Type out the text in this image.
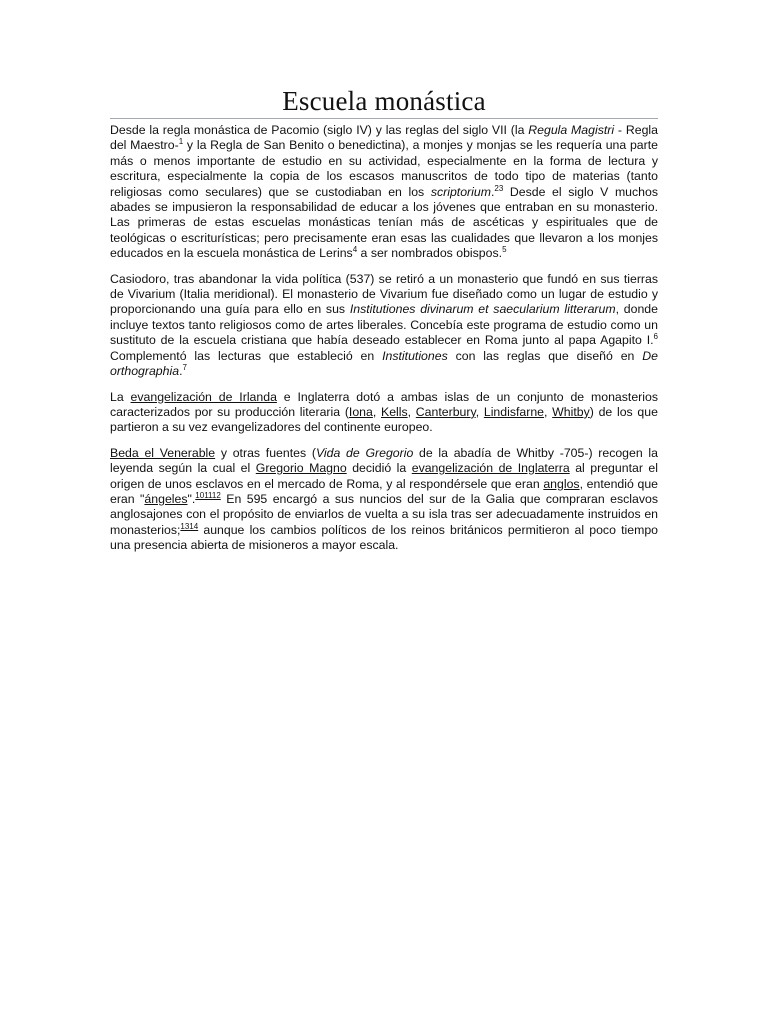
Escuela monástica

Desde la regla monástica de Pacomio (siglo IV) y las reglas del siglo VII (la Regula Magistri - Regla del Maestro-$^1$ y la Regla de San Benito o benedictina), a monjes y monjas se les requería una parte más o menos importante de estudio en su actividad, especialmente en la forma de lectura y escritura, especialmente la copia de los escasos manuscritos de todo tipo de materias (tanto religiosas como seculares) que se custodiaban en los scriptorium.$^{23}$ Desde el siglo V muchos abades se impusieron la responsabilidad de educar a los jóvenes que entraban en su monasterio. Las primeras de estas escuelas monásticas tenían más de ascéticas y espirituales que de teológicas o escriturísticas; pero precisamente eran esas las cualidades que llevaron a los monjes educados en la escuela monástica de Lerins$^4$ a ser nombrados obispos.$^5$

Casiodoro, tras abandonar la vida política (537) se retiró a un monasterio que fundó en sus tierras de Vivarium (Italia meridional). El monasterio de Vivarium fue diseñado como un lugar de estudio y proporcionando una guía para ello en sus Institutiones divinarum et saecularium litterarum, donde incluye textos tanto religiosos como de artes liberales. Concebía este programa de estudio como un sustituto de la escuela cristiana que había deseado establecer en Roma junto al papa Agapito I.$^6$ Complementó las lecturas que estableció en Institutiones con las reglas que diseñó en De orthographia.$^7$

La evangelización de Irlanda e Inglaterra dotó a ambas islas de un conjunto de monasterios caracterizados por su producción literaria (Iona, Kells, Canterbury, Lindisfarne, Whitby) de los que partieron a su vez evangelizadores del continente europeo.

Beda el Venerable y otras fuentes (Vida de Gregorio de la abadía de Whitby -705-) recogen la leyenda según la cual el Gregorio Magno decidió la evangelización de Inglaterra al preguntar el origen de unos esclavos en el mercado de Roma, y al respondérsele que eran anglos, entendió que eran "ángeles".$^{101112}$ En 595 encargó a sus nuncios del sur de la Galia que compraran esclavos anglosajones con el propósito de enviarlos de vuelta a su isla tras ser adecuadamente instruidos en monasterios;$^{1314}$ aunque los cambios políticos de los reinos británicos permitieron al poco tiempo una presencia abierta de misioneros a mayor escala.
